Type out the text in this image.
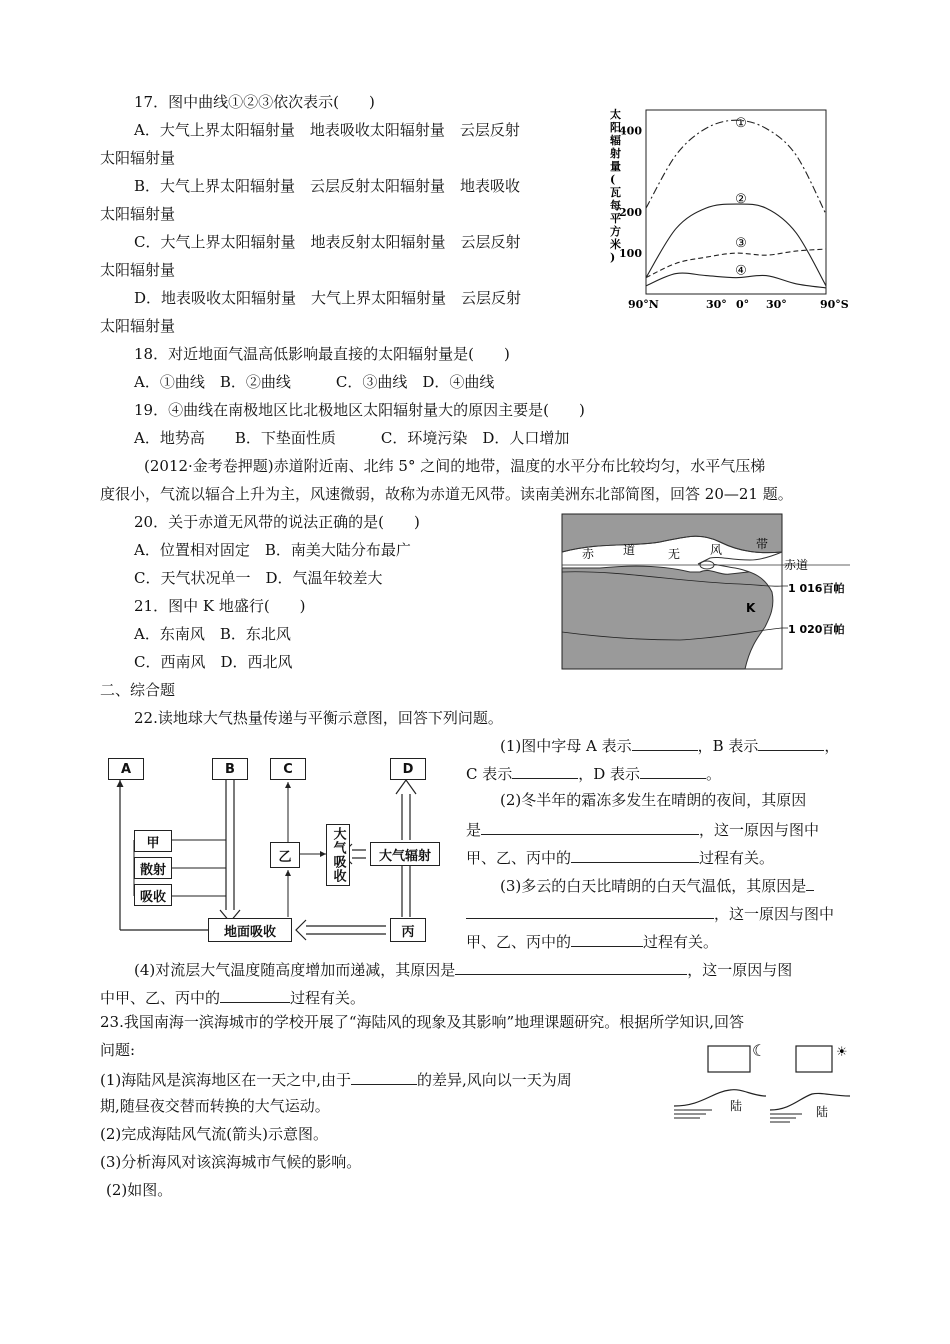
17．图中曲线①②③依次表示(　　)
A．大气上界太阳辐射量　地表吸收太阳辐射量　云层反射
太阳辐射量
B．大气上界太阳辐射量　云层反射太阳辐射量　地表吸收
太阳辐射量
C．大气上界太阳辐射量　地表反射太阳辐射量　云层反射
太阳辐射量
D．地表吸收太阳辐射量　大气上界太阳辐射量　云层反射
太阳辐射量
太
阳
辐
射
量
(
瓦
每
平
方
米
)
400
200
100
90°N	30° 0° 30°	90°S
①
②
③
④
18．对近地面气温高低影响最直接的太阳辐射量是(　　)
A．①曲线　B．②曲线　　　C．③曲线　D．④曲线
19．④曲线在南极地区比北极地区太阳辐射量大的原因主要是(　　)
A．地势高　　B．下垫面性质　　　C．环境污染　D．人口增加
(2012·金考卷押题)赤道附近南、北纬 5° 之间的地带，温度的水平分布比较均匀，水平气压梯
度很小，气流以辐合上升为主，风速微弱，故称为赤道无风带。读南美洲东北部简图，回答 20—21 题。
20．关于赤道无风带的说法正确的是(　　)
A．位置相对固定　B．南美大陆分布最广
C．天气状况单一　D．气温年较差大
21．图中 K 地盛行(　　)
A．东南风　B．东北风
C．西南风　D．西北风
赤 道	无 风	带
赤道
1 016百帕
1 020百帕
K
二、综合题
22.读地球大气热量传递与平衡示意图，回答下列问题。
A	B	C	D
甲
散射
吸收
乙	大气吸收	大气辐射
地面吸收	丙
(1)图中字母 A 表示	，B 表示	，
C 表示	，D 表示	。
(2)冬半年的霜冻多发生在晴朗的夜间，其原因
是	，这一原因与图中
甲、乙、丙中的	过程有关。
(3)多云的白天比晴朗的白天气温低，其原因是
，这一原因与图中
甲、乙、丙中的	过程有关。
(4)对流层大气温度随高度增加而递减，其原因是	，这一原因与图
中甲、乙、丙中的	过程有关。
23.我国南海一滨海城市的学校开展了“海陆风的现象及其影响”地理课题研究。根据所学知识,回答
问题:
(1)海陆风是滨海地区在一天之中,由于	的差异,风向以一天为周
期,随昼夜交替而转换的大气运动。
(2)完成海陆风气流(箭头)示意图。
(3)分析海风对该滨海城市气候的影响。
(2)如图。
☾
陆
☀
陆
